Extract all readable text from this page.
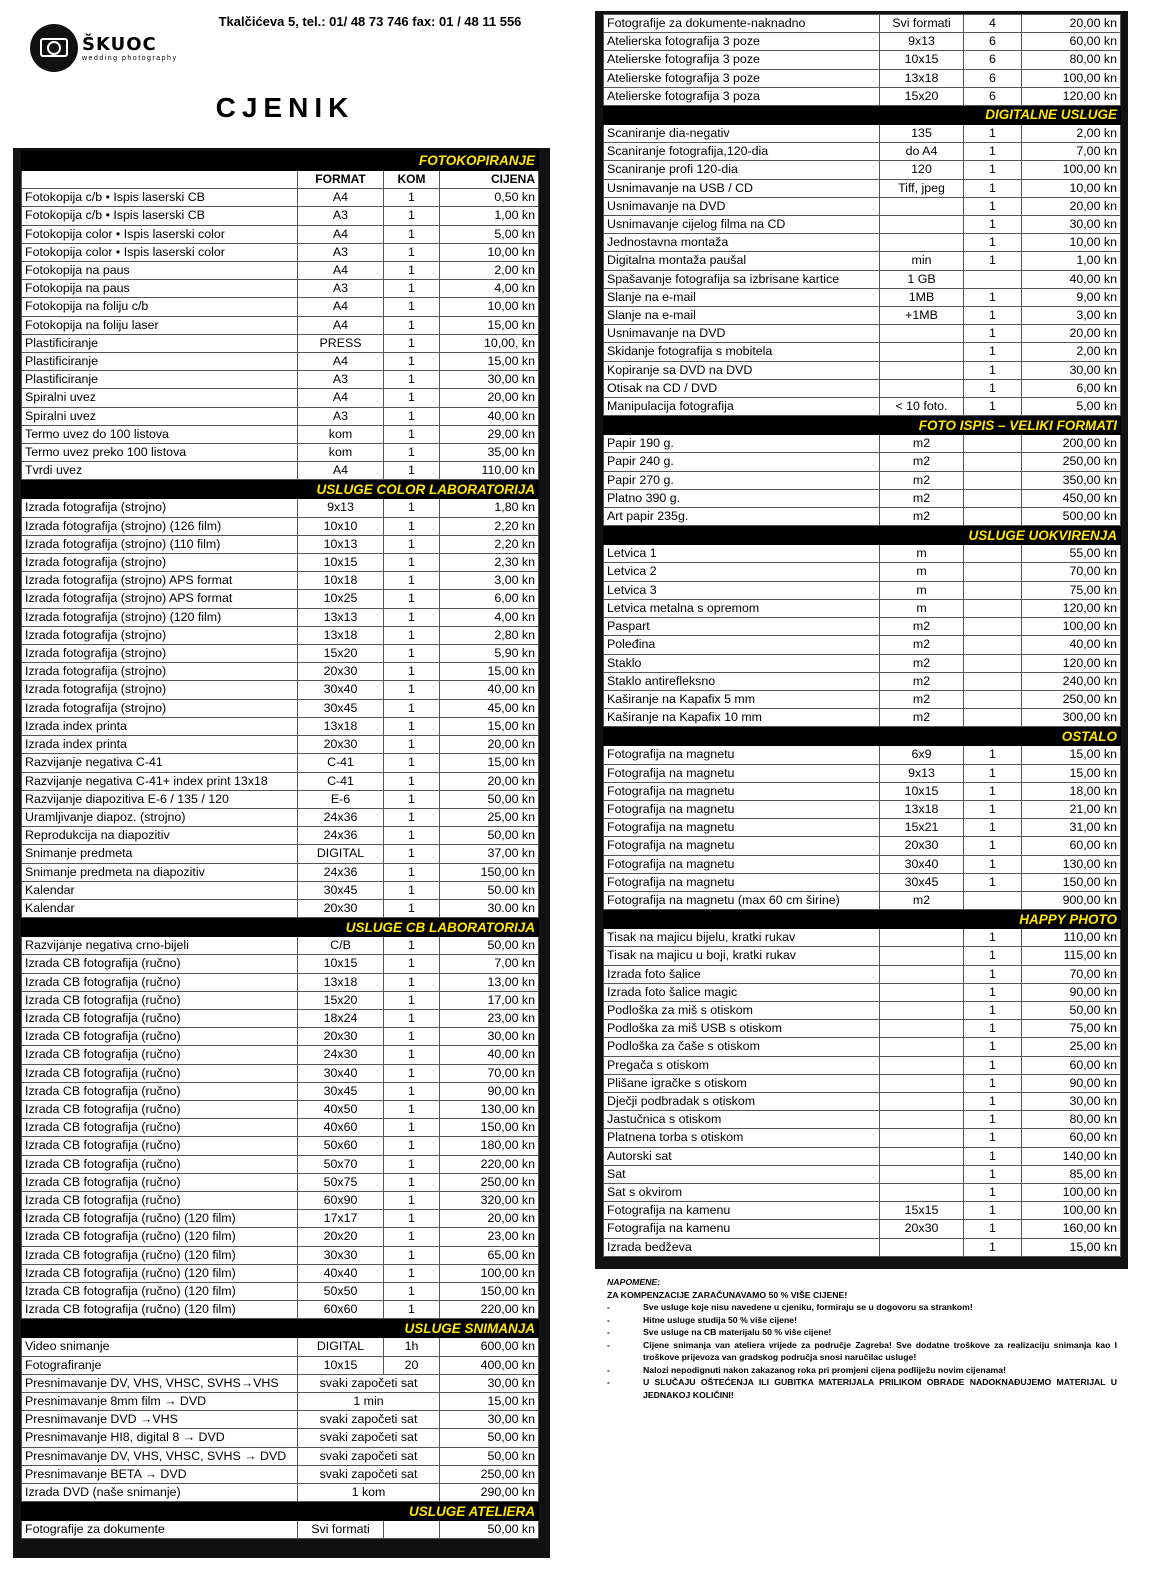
Tkalčićeva 5, tel.: 01/ 48 73 746 fax: 01 / 48 11 556
ŠKUOC
wedding photography
CJENIK
FOTOKOPIRANJE			
	FORMAT	KOM	CIJENA
Fotokopija c/b • Ispis laserski CB	A4	1	0,50 kn
Fotokopija c/b • Ispis laserski CB	A3	1	1,00 kn
Fotokopija color • Ispis laserski color	A4	1	5,00 kn
Fotokopija color • Ispis laserski color	A3	1	10,00 kn
Fotokopija na paus	A4	1	2,00 kn
Fotokopija na paus	A3	1	4,00 kn
Fotokopija na foliju c/b	A4	1	10,00 kn
Fotokopija na foliju laser	A4	1	15,00 kn
Plastificiranje	PRESS	1	10,00, kn
Plastificiranje	A4	1	15,00 kn
Plastificiranje	A3	1	30,00 kn
Spiralni uvez	A4	1	20,00 kn
Spiralni uvez	A3	1	40,00 kn
Termo uvez do 100 listova	kom	1	29,00 kn
Termo uvez preko 100 listova	kom	1	35,00 kn
Tvrdi uvez	A4	1	110,00 kn
USLUGE COLOR LABORATORIJA			
Izrada fotografija (strojno)	9x13	1	1,80 kn
Izrada fotografija (strojno) (126 film)	10x10	1	2,20 kn
Izrada fotografija (strojno) (110 film)	10x13	1	2,20 kn
Izrada fotografija (strojno)	10x15	1	2,30 kn
Izrada fotografija (strojno) APS format	10x18	1	3,00 kn
Izrada fotografija (strojno) APS format	10x25	1	6,00 kn
Izrada fotografija (strojno) (120 film)	13x13	1	4,00 kn
Izrada fotografija (strojno)	13x18	1	2,80 kn
Izrada fotografija (strojno)	15x20	1	5,90 kn
Izrada fotografija (strojno)	20x30	1	15,00 kn
Izrada fotografija (strojno)	30x40	1	40,00 kn
Izrada fotografija (strojno)	30x45	1	45,00 kn
Izrada index printa	13x18	1	15,00 kn
Izrada index printa	20x30	1	20,00 kn
Razvijanje negativa C-41	C-41	1	15,00 kn
Razvijanje negativa C-41+ index print 13x18	C-41	1	20,00 kn
Razvijanje diapozitiva E-6 / 135 / 120	E-6	1	50,00 kn
Uramljivanje diapoz. (strojno)	24x36	1	25,00 kn
Reprodukcija na diapozitiv	24x36	1	50,00 kn
Snimanje predmeta	DIGITAL	1	37,00 kn
Snimanje predmeta na diapozitiv	24x36	1	150,00 kn
Kalendar	30x45	1	50.00 kn
Kalendar	20x30	1	30.00 kn
USLUGE CB LABORATORIJA			
Razvijanje negativa crno-bijeli	C/B	1	50,00 kn
Izrada CB fotografija (ručno)	10x15	1	7,00 kn
Izrada CB fotografija (ručno)	13x18	1	13,00 kn
Izrada CB fotografija (ručno)	15x20	1	17,00 kn
Izrada CB fotografija (ručno)	18x24	1	23,00 kn
Izrada CB fotografija (ručno)	20x30	1	30,00 kn
Izrada CB fotografija (ručno)	24x30	1	40,00 kn
Izrada CB fotografija (ručno)	30x40	1	70,00 kn
Izrada CB fotografija (ručno)	30x45	1	90,00 kn
Izrada CB fotografija (ručno)	40x50	1	130,00 kn
Izrada CB fotografija (ručno)	40x60	1	150,00 kn
Izrada CB fotografija (ručno)	50x60	1	180,00 kn
Izrada CB fotografija (ručno)	50x70	1	220,00 kn
Izrada CB fotografija (ručno)	50x75	1	250,00 kn
Izrada CB fotografija (ručno)	60x90	1	320,00 kn
Izrada CB fotografija (ručno) (120 film)	17x17	1	20,00 kn
Izrada CB fotografija (ručno) (120 film)	20x20	1	23,00 kn
Izrada CB fotografija (ručno) (120 film)	30x30	1	65,00 kn
Izrada CB fotografija (ručno) (120 film)	40x40	1	100,00 kn
Izrada CB fotografija (ručno) (120 film)	50x50	1	150,00 kn
Izrada CB fotografija (ručno) (120 film)	60x60	1	220,00 kn
USLUGE SNIMANJA			
Video snimanje	DIGITAL	1h	600,00 kn
Fotografiranje	10x15	20	400,00 kn
Presnimavanje DV, VHS, VHSC, SVHS→VHS	svaki započeti sat		30,00 kn
Presnimavanje 8mm film → DVD	1 min		15,00 kn
Presnimavanje DVD →VHS	svaki započeti sat		30,00 kn
Presnimavanje HI8, digital 8 → DVD	svaki započeti sat		50,00 kn
Presnimavanje DV, VHS, VHSC, SVHS → DVD	svaki započeti sat		50,00 kn
Presnimavanje BETA → DVD	svaki započeti sat		250,00 kn
Izrada DVD (naše snimanje)	1 kom		290,00 kn
USLUGE ATELIERA			
Fotografije za dokumente	Svi formati		50,00 kn
Fotografije za dokumente-naknadno	Svi formati	4	20,00 kn
Atelierska fotografija 3 poze	9x13	6	60,00 kn
Atelierske fotografija 3 poze	10x15	6	80,00 kn
Atelierske fotografija 3 poze	13x18	6	100,00 kn
Atelierske fotografija 3 poza	15x20	6	120,00 kn
DIGITALNE USLUGE			
Scaniranje dia-negativ	135	1	2,00 kn
Scaniranje fotografija,120-dia	do A4	1	7,00 kn
Scaniranje profi 120-dia	120	1	100,00 kn
Usnimavanje na USB / CD	Tiff, jpeg	1	10,00 kn
Usnimavanje na DVD		1	20,00 kn
Usnimavanje cijelog filma na CD		1	30,00 kn
Jednostavna montaža		1	10,00 kn
Digitalna montaža paušal	min	1	1,00 kn
Spašavanje fotografija sa izbrisane kartice	1 GB		40,00 kn
Slanje na e-mail	1MB	1	9,00 kn
Slanje na e-mail	+1MB	1	3,00 kn
Usnimavanje na DVD		1	20,00 kn
Skidanje fotografija s mobitela		1	2,00 kn
Kopiranje sa DVD na DVD		1	30,00 kn
Otisak na CD / DVD		1	6,00 kn
Manipulacija fotografija	< 10 foto.	1	5,00 kn
FOTO ISPIS – VELIKI FORMATI			
Papir 190 g.	m2		200,00 kn
Papir 240 g.	m2		250,00 kn
Papir 270 g.	m2		350,00 kn
Platno 390 g.	m2		450,00 kn
Art papir 235g.	m2		500,00 kn
USLUGE UOKVIRENJA			
Letvica 1	m		55,00 kn
Letvica 2	m		70,00 kn
Letvica 3	m		75,00 kn
Letvica metalna s opremom	m		120,00 kn
Paspart	m2		100,00 kn
Poleđina	m2		40,00 kn
Staklo	m2		120,00 kn
Staklo antirefleksno	m2		240,00 kn
Kaširanje na Kapafix 5 mm	m2		250,00 kn
Kaširanje na Kapafix 10 mm	m2		300,00 kn
OSTALO			
Fotografija na magnetu	6x9	1	15,00 kn
Fotografija na magnetu	9x13	1	15,00 kn
Fotografija na magnetu	10x15	1	18,00 kn
Fotografija na magnetu	13x18	1	21,00 kn
Fotografija na magnetu	15x21	1	31,00 kn
Fotografija na magnetu	20x30	1	60,00 kn
Fotografija na magnetu	30x40	1	130,00 kn
Fotografija na magnetu	30x45	1	150,00 kn
Fotografija na magnetu (max 60 cm širine)	m2		900,00 kn
HAPPY PHOTO			
Tisak na majicu bijelu, kratki rukav		1	110,00 kn
Tisak na majicu u boji, kratki rukav		1	115,00 kn
Izrada foto šalice		1	70,00 kn
Izrada foto šalice magic		1	90,00 kn
Podloška za miš s otiskom		1	50,00 kn
Podloška za miš USB s otiskom		1	75,00 kn
Podloška za čaše s otiskom		1	25,00 kn
Pregača s otiskom		1	60,00 kn
Plišane igračke s otiskom		1	90,00 kn
Dječji podbradak s otiskom		1	30,00 kn
Jastučnica s otiskom		1	80,00 kn
Platnena torba s otiskom		1	60,00 kn
Autorski sat		1	140,00 kn
Sat		1	85,00 kn
Sat s okvirom		1	100,00 kn
Fotografija na kamenu	15x15	1	100,00 kn
Fotografija na kamenu	20x30	1	160,00 kn
Izrada bedževa		1	15,00 kn
NAPOMENE:
ZA KOMPENZACIJE ZARAČUNAVAMO 50 % VIŠE CIJENE!
-	Sve usluge koje nisu navedene u cjeniku, formiraju se u dogovoru sa strankom!
-	Hitne usluge studija 50 % više cijene!
-	Sve usluge na CB materijalu 50 % više cijene!
-	Cijene snimanja van ateliera vrijede za područje Zagreba! Sve dodatne troškove za realizaciju snimanja kao I troškove prijevoza van gradskog područja snosi naručilac usluge!
-	Nalozi nepodignuti nakon zakazanog roka pri promjeni cijena podliježu novim cijenama!
-	U SLUČAJU OŠTEĆENJA ILI GUBITKA MATERIJALA PRILIKOM OBRADE NADOKNAĐUJEMO MATERIJAL U JEDNAKOJ KOLIČINI!
